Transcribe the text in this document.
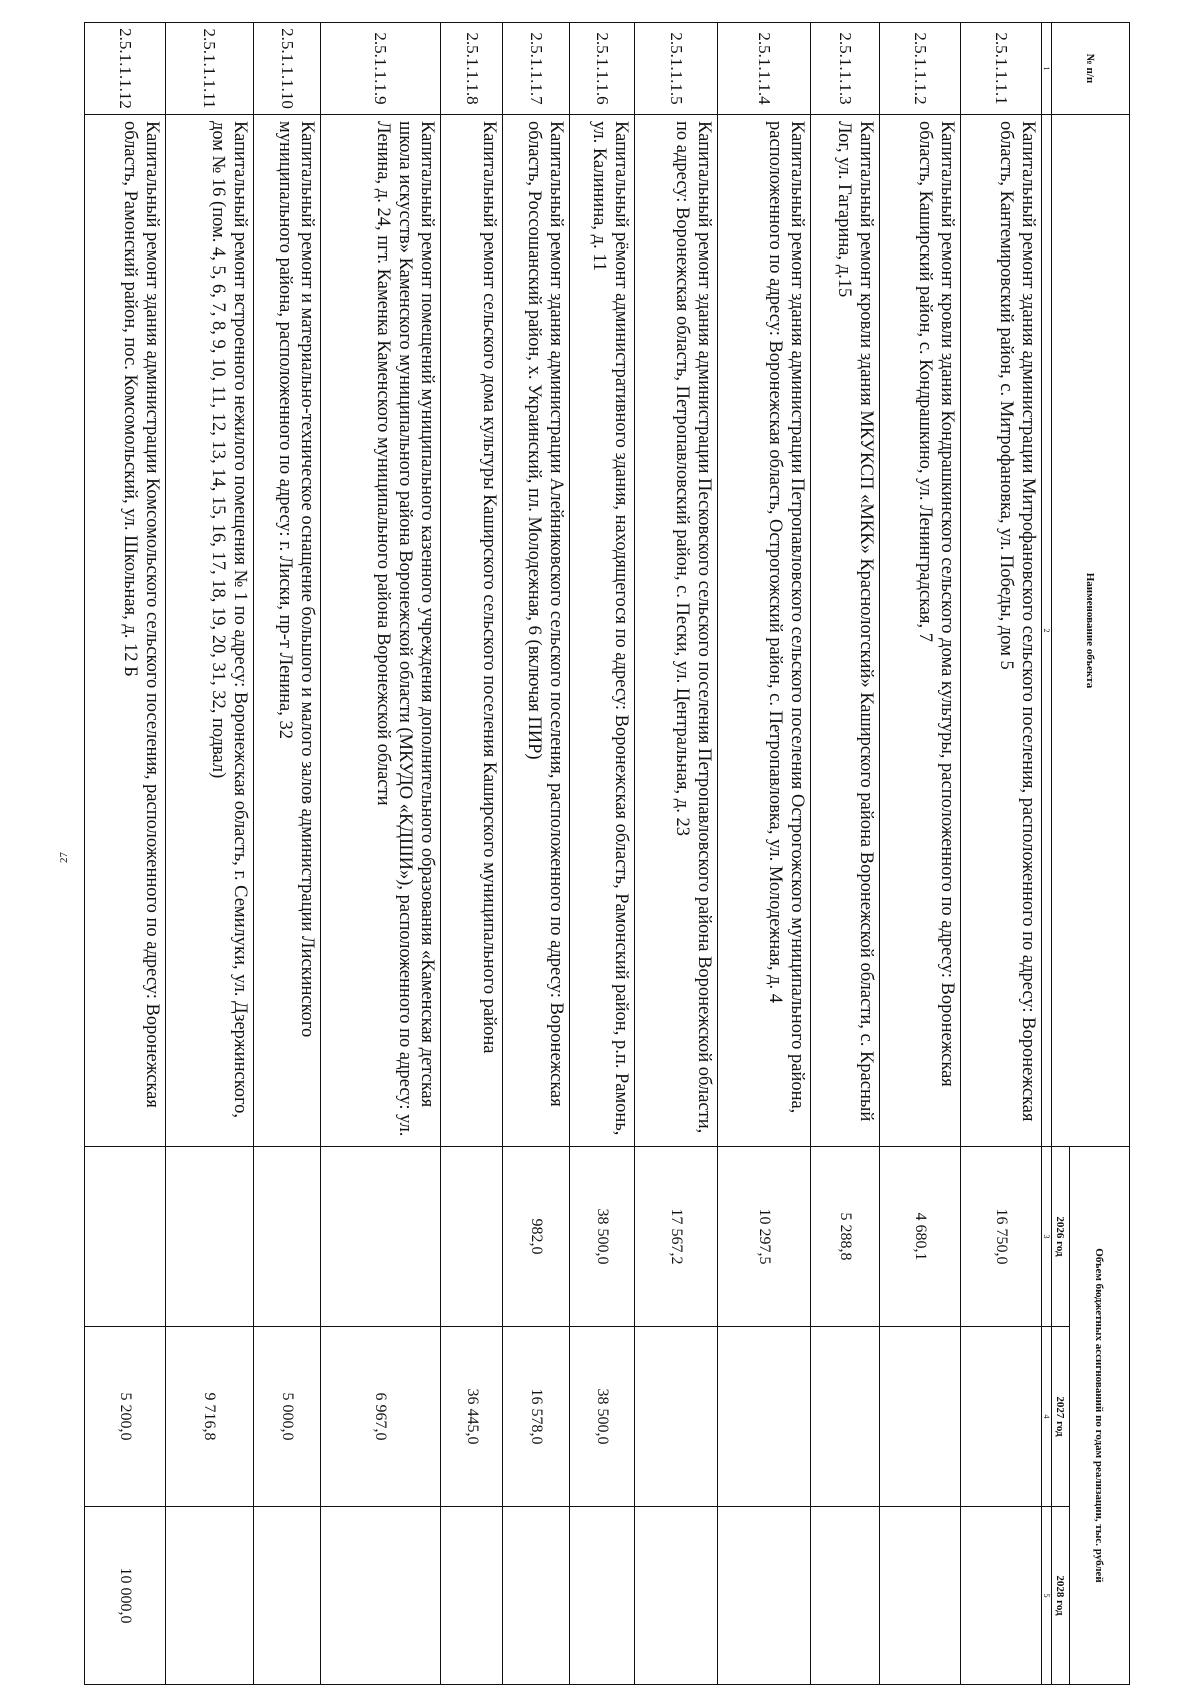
27
№ п/п	Наименование объекта	Объем бюджетных ассигнований по годам реализации, тыс. рублей		
		2026 год	2027 год	2028 год
1	2	3	4	5
2.5.1.1.1.1	Капитальный ремонт здания администрации Митрофановского сельского поселения, расположенного по адресу: Воронежская область, Кантемировский район, с. Митрофановка, ул. Победы, дом 5	16 750,0		
2.5.1.1.1.2	Капитальный ремонт кровли здания Кондрашкинского сельского дома культуры, расположенного по адресу: Воронежская область, Каширский район, с. Кондрашкино, ул. Ленинградская, 7	4 680,1		
2.5.1.1.1.3	Капитальный ремонт кровли здания МКУКСП «МКК» Краснологский» Каширского района Воронежской области, с. Красный Лог, ул. Гагарина, д.15	5 288,8		
2.5.1.1.1.4	Капитальный ремонт здания администрации Петропавловского сельского поселения Острогожского муниципального района, расположенного по адресу: Воронежская область, Острогожский район, с. Петропавловка, ул. Молодежная, д. 4	10 297,5		
2.5.1.1.1.5	Капитальный ремонт здания администрации Песковского сельского поселения Петропавловского района Воронежской области, по адресу: Воронежская область, Петропавловский район, с. Пески, ул. Центральная, д. 23	17 567,2		
2.5.1.1.1.6	Капитальный рёмонт административного здания, находящегося по адресу: Воронежская область, Рамонский район, р.п. Рамонь, ул. Калинина, д. 11	38 500,0	38 500,0	
2.5.1.1.1.7	Капитальный ремонт здания администрации Алейниковского сельского поселения, расположенного по адресу: Воронежская область, Россошанский район, х. Украинский, пл. Молодежная, 6 (включая ПИР)	982,0	16 578,0	
2.5.1.1.1.8	Капитальный ремонт сельского дома культуры Каширского сельского поселения Каширского муниципального района		36 445,0	
2.5.1.1.1.9	Капитальный ремонт помещений муниципального казенного учреждения дополнительного образования «Каменская детская школа искусств» Каменского муниципального района Воронежской области (МКУДО «КДШИ»), расположенного по адресу: ул. Ленина, д. 24, пгт. Каменка Каменского муниципального района Воронежской области		6 967,0	
2.5.1.1.1.10	Капитальный ремонт и материально-техническое оснащение большого и малого залов администрации Лискинского муниципального района, расположенного по адресу: г. Лиски, пр-т Ленина, 32		5 000,0	
2.5.1.1.1.11	Капитальный ремонт встроенного нежилого помещения № 1 по адресу: Воронежская область, г. Семилуки, ул. Дзержинского, дом № 16 (пом. 4, 5, 6, 7, 8, 9, 10, 11, 12, 13, 14, 15, 16, 17, 18, 19, 20, 31, 32, подвал)		9 716,8	
2.5.1.1.1.12	Капитальный ремонт здания администрации Комсомольского сельского поселения, расположенного по адресу: Воронежская область, Рамонский район, пос. Комсомольский, ул. Школьная, д. 12 Б		5 200,0	10 000,0
